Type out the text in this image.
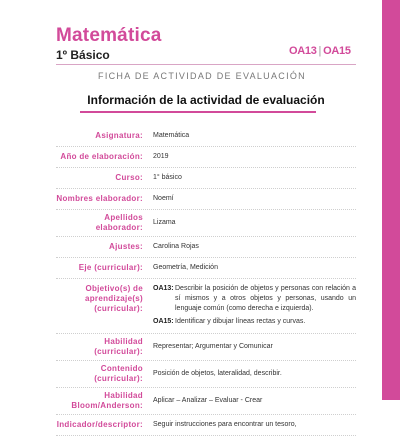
Matemática
1º Básico	OA13 | OA15
FICHA DE ACTIVIDAD DE EVALUACIÓN
Información de la actividad de evaluación
Asignatura:	Matemática
Año de elaboración:	2019
Curso:	1° básico
Nombres elaborador:	Noemí
Apellidos elaborador:
Lizama
Ajustes:	Carolina Rojas
Eje (curricular):	Geometría, Medición
Objetivo(s) de aprendizaje(s) (curricular):
OA13: Describir la posición de objetos y personas con relación a sí mismos y a otros objetos y personas, usando un lenguaje común (como derecha e izquierda).
OA15: Identificar y dibujar líneas rectas y curvas.
Habilidad (curricular):
Representar; Argumentar y Comunicar
Contenido (curricular):
Posición de objetos, lateralidad, describir.
Habilidad Bloom/Anderson:
Aplicar – Analizar – Evaluar - Crear
Indicador/descriptor:	Seguir instrucciones para encontrar un tesoro,
